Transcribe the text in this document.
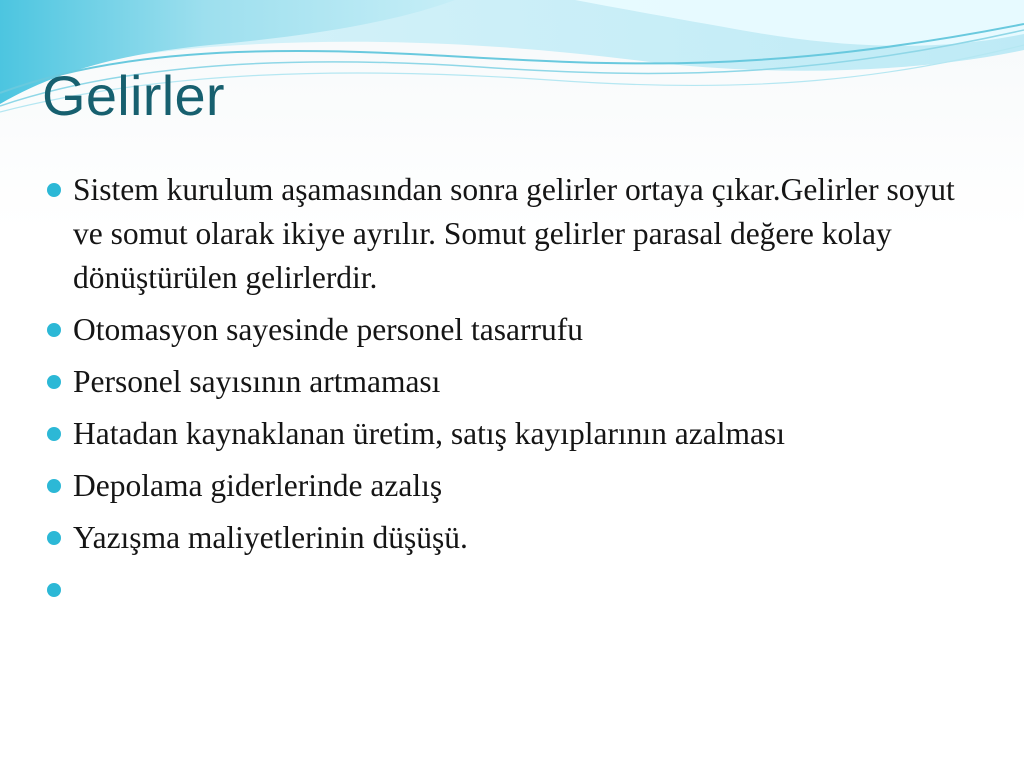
Gelirler
Sistem kurulum aşamasından sonra gelirler ortaya çıkar.Gelirler soyut ve somut olarak ikiye ayrılır. Somut gelirler parasal değere kolay dönüştürülen gelirlerdir.
Otomasyon sayesinde personel tasarrufu
Personel sayısının artmaması
Hatadan kaynaklanan üretim, satış kayıplarının azalması
Depolama giderlerinde azalış
Yazışma maliyetlerinin düşüşü.
